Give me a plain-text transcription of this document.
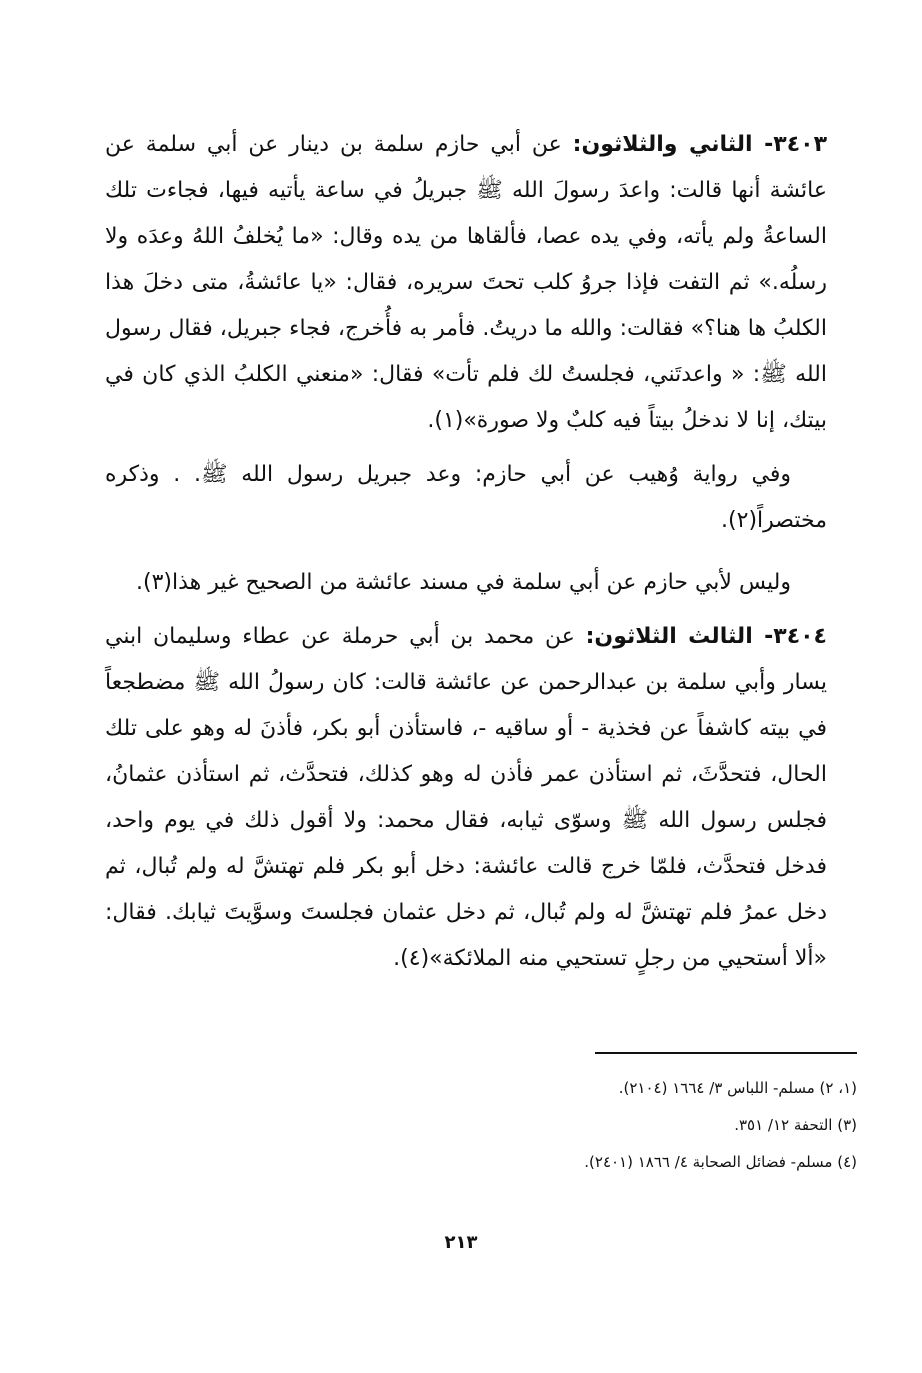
٣٤٠٣- الثاني والثلاثون: عن أبي حازم سلمة بن دينار عن أبي سلمة عن عائشة أنها قالت: واعدَ رسولَ الله ﷺ جبريلُ في ساعة يأتيه فيها، فجاءت تلك الساعةُ ولم يأته، وفي يده عصا، فألقاها من يده وقال: «ما يُخلفُ اللهُ وعدَه ولا رسلُه.» ثم التفت فإذا جروُ كلب تحتَ سريره، فقال: «يا عائشةُ، متى دخلَ هذا الكلبُ ها هنا؟» فقالت: والله ما دريتُ. فأمر به فأُخرج، فجاء جبريل، فقال رسول الله ﷺ: « واعدتَني، فجلستُ لك فلم تأت» فقال: «منعني الكلبُ الذي كان في بيتك، إنا لا ندخلُ بيتاً فيه كلبٌ ولا صورة»(١).

وفي رواية وُهيب عن أبي حازم: وعد جبريل رسول الله ﷺ. . وذكره مختصراً(٢).

وليس لأبي حازم عن أبي سلمة في مسند عائشة من الصحيح غير هذا(٣).

٣٤٠٤- الثالث الثلاثون: عن محمد بن أبي حرملة عن عطاء وسليمان ابني يسار وأبي سلمة بن عبدالرحمن عن عائشة قالت: كان رسولُ الله ﷺ مضطجعاً في بيته كاشفاً عن فخذية - أو ساقيه -، فاستأذن أبو بكر، فأذنَ له وهو على تلك الحال، فتحدَّثَ، ثم استأذن عمر فأذن له وهو كذلك، فتحدَّث، ثم استأذن عثمانُ، فجلس رسول الله ﷺ وسوّى ثيابه، فقال محمد: ولا أقول ذلك في يوم واحد، فدخل فتحدَّث، فلمّا خرج قالت عائشة: دخل أبو بكر فلم تهتشَّ له ولم تُبال، ثم دخل عمرُ فلم تهتشَّ له ولم تُبال، ثم دخل عثمان فجلستَ وسوَّيتَ ثيابك. فقال: «ألا أستحيي من رجلٍ تستحيي منه الملائكة»(٤).

(١، ٢) مسلم- اللباس ٣/ ١٦٦٤ (٢١٠٤).
(٣) التحفة ١٢/ ٣٥١.
(٤) مسلم- فضائل الصحابة ٤/ ١٨٦٦ (٢٤٠١).
٢١٣
